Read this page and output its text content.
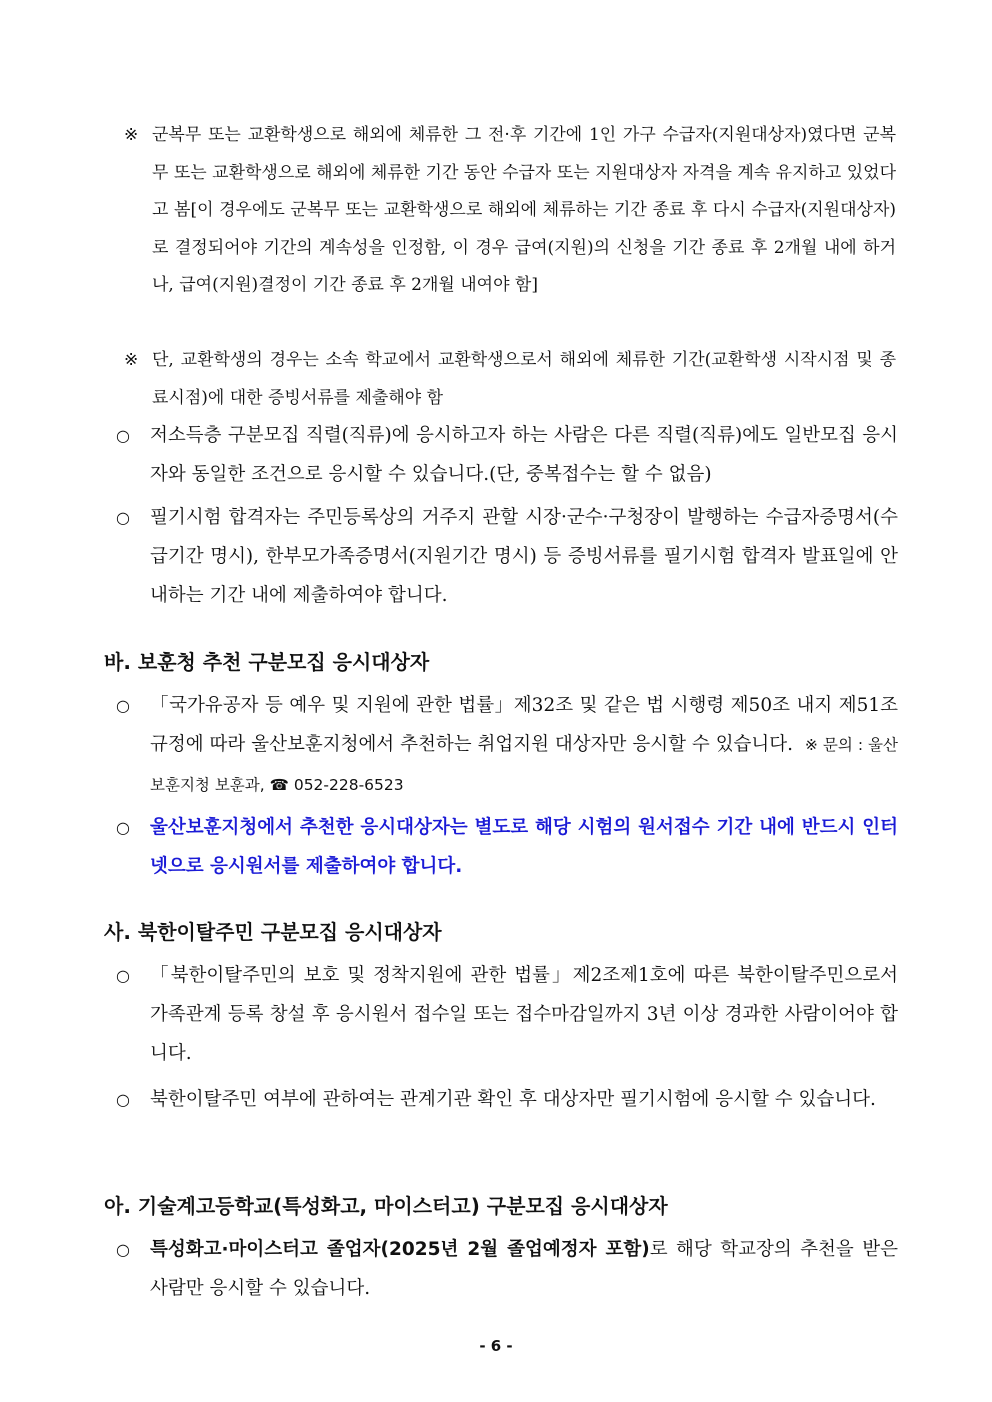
※ 군복무 또는 교환학생으로 해외에 체류한 그 전·후 기간에 1인 가구 수급자(지원대상자)였다면 군복무 또는 교환학생으로 해외에 체류한 기간 동안 수급자 또는 지원대상자 자격을 계속 유지하고 있었다고 봄[이 경우에도 군복무 또는 교환학생으로 해외에 체류하는 기간 종료 후 다시 수급자(지원대상자)로 결정되어야 기간의 계속성을 인정함, 이 경우 급여(지원)의 신청을 기간 종료 후 2개월 내에 하거나, 급여(지원)결정이 기간 종료 후 2개월 내여야 함]
※ 단, 교환학생의 경우는 소속 학교에서 교환학생으로서 해외에 체류한 기간(교환학생 시작시점 및 종료시점)에 대한 증빙서류를 제출해야 함
○ 저소득층 구분모집 직렬(직류)에 응시하고자 하는 사람은 다른 직렬(직류)에도 일반모집 응시자와 동일한 조건으로 응시할 수 있습니다.(단, 중복접수는 할 수 없음)
○ 필기시험 합격자는 주민등록상의 거주지 관할 시장·군수·구청장이 발행하는 수급자증명서(수급기간 명시), 한부모가족증명서(지원기간 명시) 등 증빙서류를 필기시험 합격자 발표일에 안내하는 기간 내에 제출하여야 합니다.
바. 보훈청 추천 구분모집 응시대상자
○ 「국가유공자 등 예우 및 지원에 관한 법률」제32조 및 같은 법 시행령 제50조 내지 제51조 규정에 따라 울산보훈지청에서 추천하는 취업지원 대상자만 응시할 수 있습니다. ※ 문의 : 울산보훈지청 보훈과, ☎ 052-228-6523
○ 울산보훈지청에서 추천한 응시대상자는 별도로 해당 시험의 원서접수 기간 내에 반드시 인터넷으로 응시원서를 제출하여야 합니다.
사. 북한이탈주민 구분모집 응시대상자
○ 「북한이탈주민의 보호 및 정착지원에 관한 법률」제2조제1호에 따른 북한이탈주민으로서 가족관계 등록 창설 후 응시원서 접수일 또는 접수마감일까지 3년 이상 경과한 사람이어야 합니다.
○ 북한이탈주민 여부에 관하여는 관계기관 확인 후 대상자만 필기시험에 응시할 수 있습니다.
아. 기술계고등학교(특성화고, 마이스터고) 구분모집 응시대상자
○ 특성화고·마이스터고 졸업자(2025년 2월 졸업예정자 포함)로 해당 학교장의 추천을 받은 사람만 응시할 수 있습니다.
- 6 -
